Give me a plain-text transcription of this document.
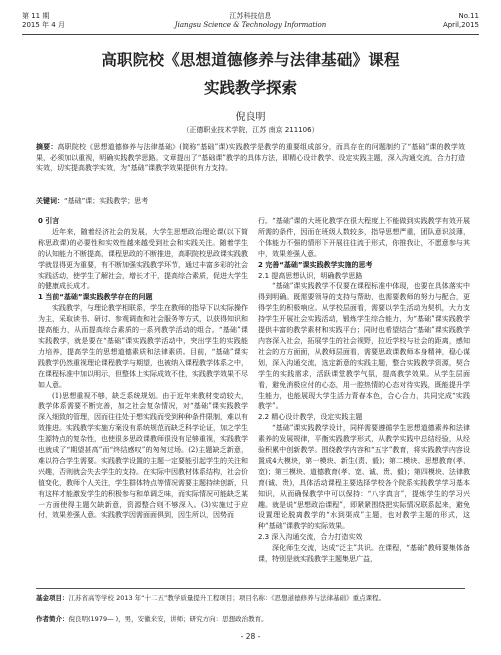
第 11 期
2015 年 4 月
江苏科技信息
Jiangsu Science & Technology Information
No.11
April,2015
高职院校《思想道德修养与法律基础》课程
实践教学探索
倪良明
（正德职业技术学院，江苏 南京 211106）
摘要：高职院校《思想道德修养与法律基础》(简称“基础”课)实践教学是教学的重要组成部分，而具存在的问题制约了“基础”课的教学效果，必须加以重视，明确实践教学思路。文章提出了“基础课”教学的具体方法，即精心设计教学、设定实践主题，深入沟通交流，合力打造实效，切实提高教学实效，为“基础”课教学效果提供有力支持。
关键词：“基础”课；实践教学；思考

0 引言

近年来，随着经济社会的发展，大学生思想政治理论课(以下简称思政课)的必要性和实效性越来越受到社会和实践关注。随着学生的认知能力不断提高，课程思政的不断推进，高职院校思政课实践教学就显得更为重要，有不断加强实践教学环节，通过丰富多彩的社会实践活动，使学生了解社会，增长才干，提高综合素质，促进大学生的健康成长成才。

1 当前“基础”课实践教学存在的问题

实践教学，与理论教学相联系，学生在教师的指导下以实际操作为主，采取读书、研讨、参观调查和社会服务等方式，以获得知识和提高能力，从而提高综合素质的一系列教学活动的组合。“基础”课实践教学，就是要在“基础”课实践教学活动中，突出学生的实践能力培养，提高学生的思想道德素质和法律素质。目前，“基础”课实践教学仍然重视理论课程教学与期望，也被纳入课程教学体系之中，在课程标准中加以明示，但整体上实际成效不佳，实践教学效果不尽如人意。

(1)思想重视不够，缺乏系统规划。由于近年来教材变动较大，教学体系需要不断完善，加之社会复杂情况，对“基础”课实践教学深入细致的管理，因而往往处于想实践而受到种种条件限制，难以有效推进。实践教学实施方案没有系统规范而缺乏科学论证，加之学生生源特点的复杂性，也使很多思政课教师很没有足够重视，实践教学也就成了“期望甚高”而“终结感叹”的匆匆过场。(2)主题缺乏新意，难以符合学生需要。实践教学设置的主题一定要能引起学生的关注和兴趣，否则就会失去学生的支持。在实际中因教材体系结构，社会价值变化，教师个人关注，学生群体特点等情况需要主题持续创新，只有这样才能激发学生的积极参与和单调乏味，而实际情况可能缺乏某一方面使得主题欠缺新意，资源整合则不够深入。(3)实施过于应付，效果差强人意。实践教学因需面面俱到，因生所以，因势而

行。“基础”课的大班化教学在很大程度上不能做到实践教学有效开展所需的条件，因而在班级人数较多，指导思想严重，团队意识淡薄，个体能力不强的情形下开展往往流于形式，你推我让，不愿意参与其中，效果差强人意。

2 完善“基础”课实践教学实施的思考

2.1 提高思想认识，明确教学思路

“基础”课实践教学不仅要在课程标准中体现，也要在具体落实中得到明确。既需要领导的支持与帮助，也需要教师的努力与配合，更得学生的积极响应。从学校层面看，需要以学生活动为契机，大力支持学生开展社会实践活动，锻炼学生综合能力，为“基础”课实践教学提供丰富的教学素材和实践平台；同时也希望结合“基础”课实践教学内容深入社会，拓展学生的社会视野，拉近学校与社会的距离，感知社会的方方面面，从教师层面看，需要思政课教师本身精神，稳心谋划，深入沟通交流，选定新意的实践主题，整合实践教学资源，契合学生的实践需求，活跃课堂教学气氛，提高教学效果。从学生层面看，避免消极应付的心态，用一腔热情的心态对待实践，既能提升学生能力，也能展现大学生活力青春本色，合心合力，共同完成“实践教学”。

2.2 精心设计教学，设定实践主题

“基础”课实践教学设计，同样需要遵循学生思想道德素养和法律素养的发展规律，平衡实践教学形式，从教学实践中总结经验，从经验积累中创新教学。围绕教学内容和“五字”教育，将实践教学内容设置成4大模块，第一模块、新生(责、毅)；第二模块、思想教育(孝、宽)；第三模块、道德教育(孝、宽、诚、贵、毅)；第四模块、法律教育(诚、贵)，具体活动课程主要选择学校各个院系实践教学学习基本知识，从而确保教学中可以保持：“八字真言”，提炼学生的学习兴趣。就是说“思想政治课程”，即紧紧围绕把实际情况联系起来，避免设置理论脱离教学的“水到渠成”主题，也对教学主题的形式，这种“基础”课教学的实际效果。

2.3 深入沟通交流，合力打造实效

深化师生交流，达成“泛主”共识。在课程，“基础”教师要集体备课，特别是就实践教学主题集思广益，

基金项目：江苏省高等学校 2013 年“十二五”教学质量提升工程项目；项目名称：《思想道德修养与法律基础》重点课程。
作者简介：倪良明(1979— )，男，安徽来安，讲师；研究方向：思想政治教育。
- 28 -
